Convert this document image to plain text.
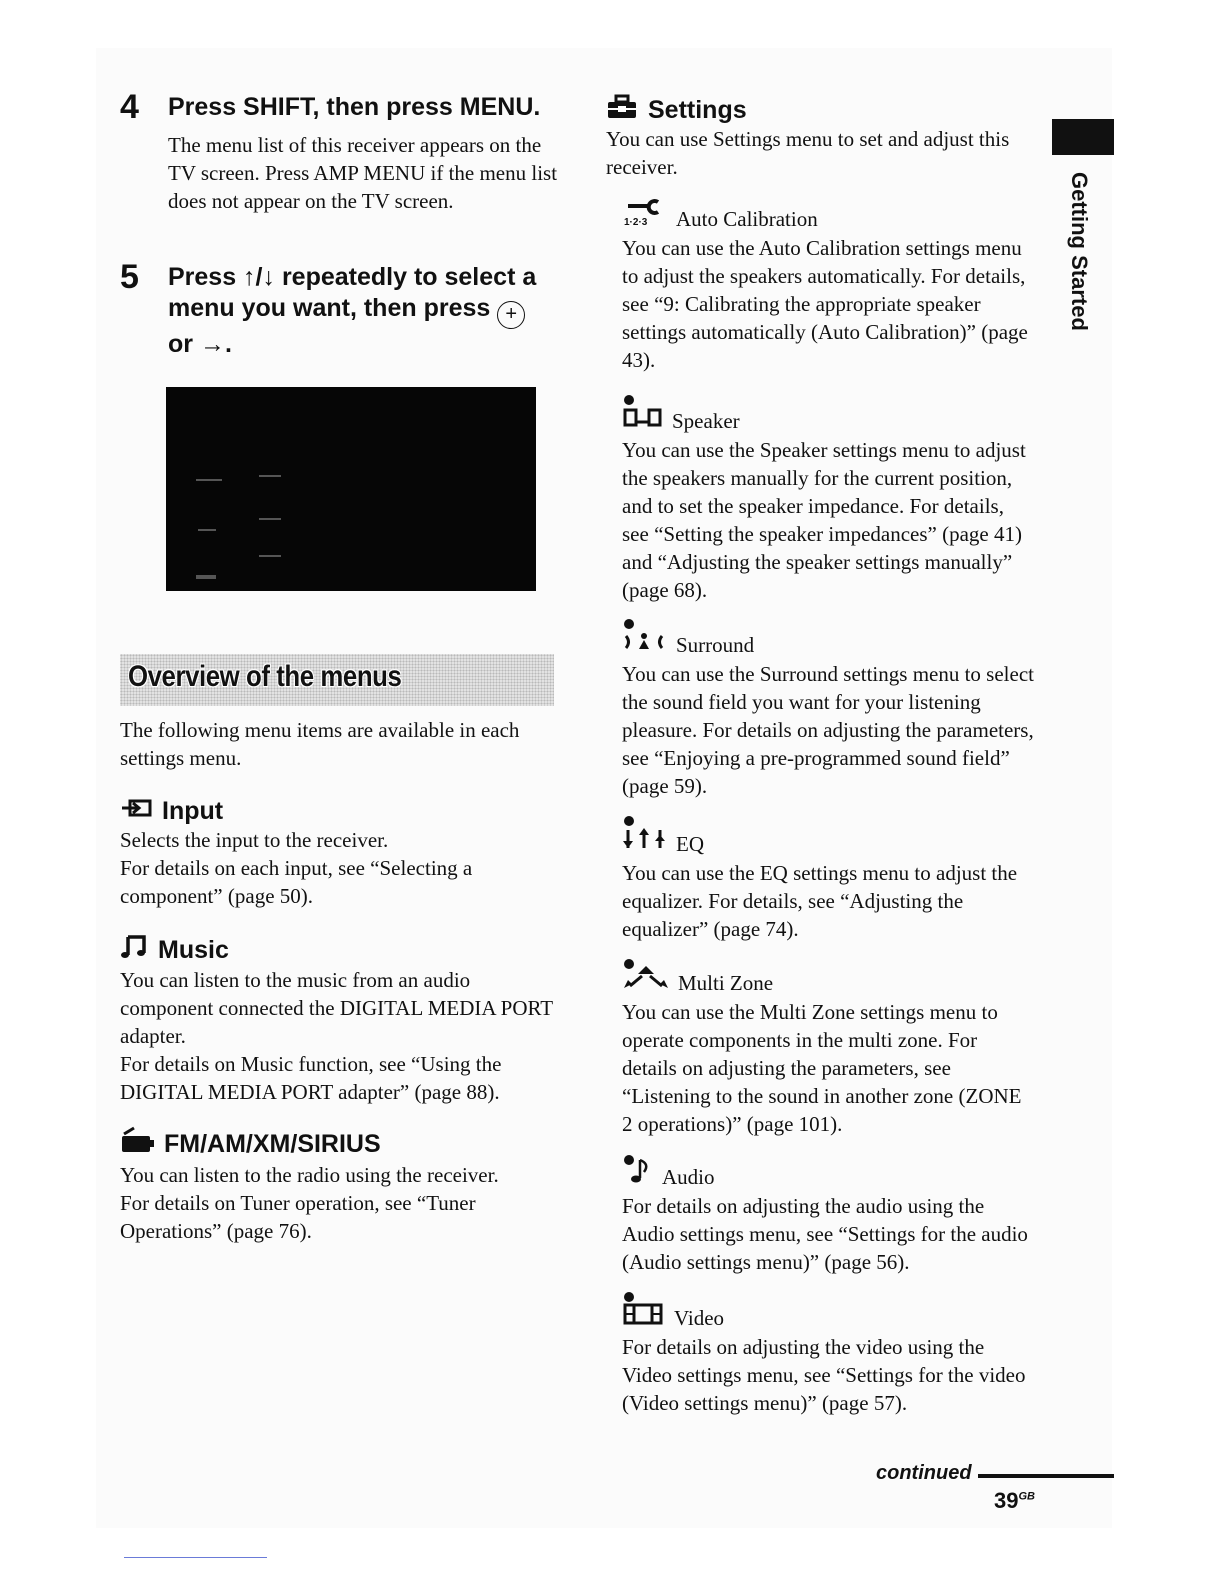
4 Press SHIFT, then press MENU.
The menu list of this receiver appears on the TV screen. Press AMP MENU if the menu list does not appear on the TV screen.
5 Press ↑/↓ repeatedly to select a menu you want, then press +
or →.
Overview of the menus
The following menu items are available in each settings menu.
Input
Selects the input to the receiver.
For details on each input, see “Selecting a component” (page 50).
Music
You can listen to the music from an audio component connected the DIGITAL MEDIA PORT adapter.
For details on Music function, see “Using the DIGITAL MEDIA PORT adapter” (page 88).
FM/AM/XM/SIRIUS
You can listen to the radio using the receiver.
For details on Tuner operation, see “Tuner Operations” (page 76).
Settings
You can use Settings menu to set and adjust this receiver.
1·2·3 Auto Calibration
You can use the Auto Calibration settings menu to adjust the speakers automatically. For details, see “9: Calibrating the appropriate speaker settings automatically (Auto Calibration)” (page 43).
Speaker
You can use the Speaker settings menu to adjust the speakers manually for the current position, and to set the speaker impedance. For details, see “Setting the speaker impedances” (page 41) and “Adjusting the speaker settings manually” (page 68).
Surround
You can use the Surround settings menu to select the sound field you want for your listening pleasure. For details on adjusting the parameters, see “Enjoying a pre-programmed sound field” (page 59).
EQ
You can use the EQ settings menu to adjust the equalizer. For details, see “Adjusting the equalizer” (page 74).
Multi Zone
You can use the Multi Zone settings menu to operate components in the multi zone. For details on adjusting the parameters, see “Listening to the sound in another zone (ZONE 2 operations)” (page 101).
Audio
For details on adjusting the audio using the Audio settings menu, see “Settings for the audio (Audio settings menu)” (page 56).
Video
For details on adjusting the video using the Video settings menu, see “Settings for the video (Video settings menu)” (page 57).
Getting Started
continued
$39^{GB}$
